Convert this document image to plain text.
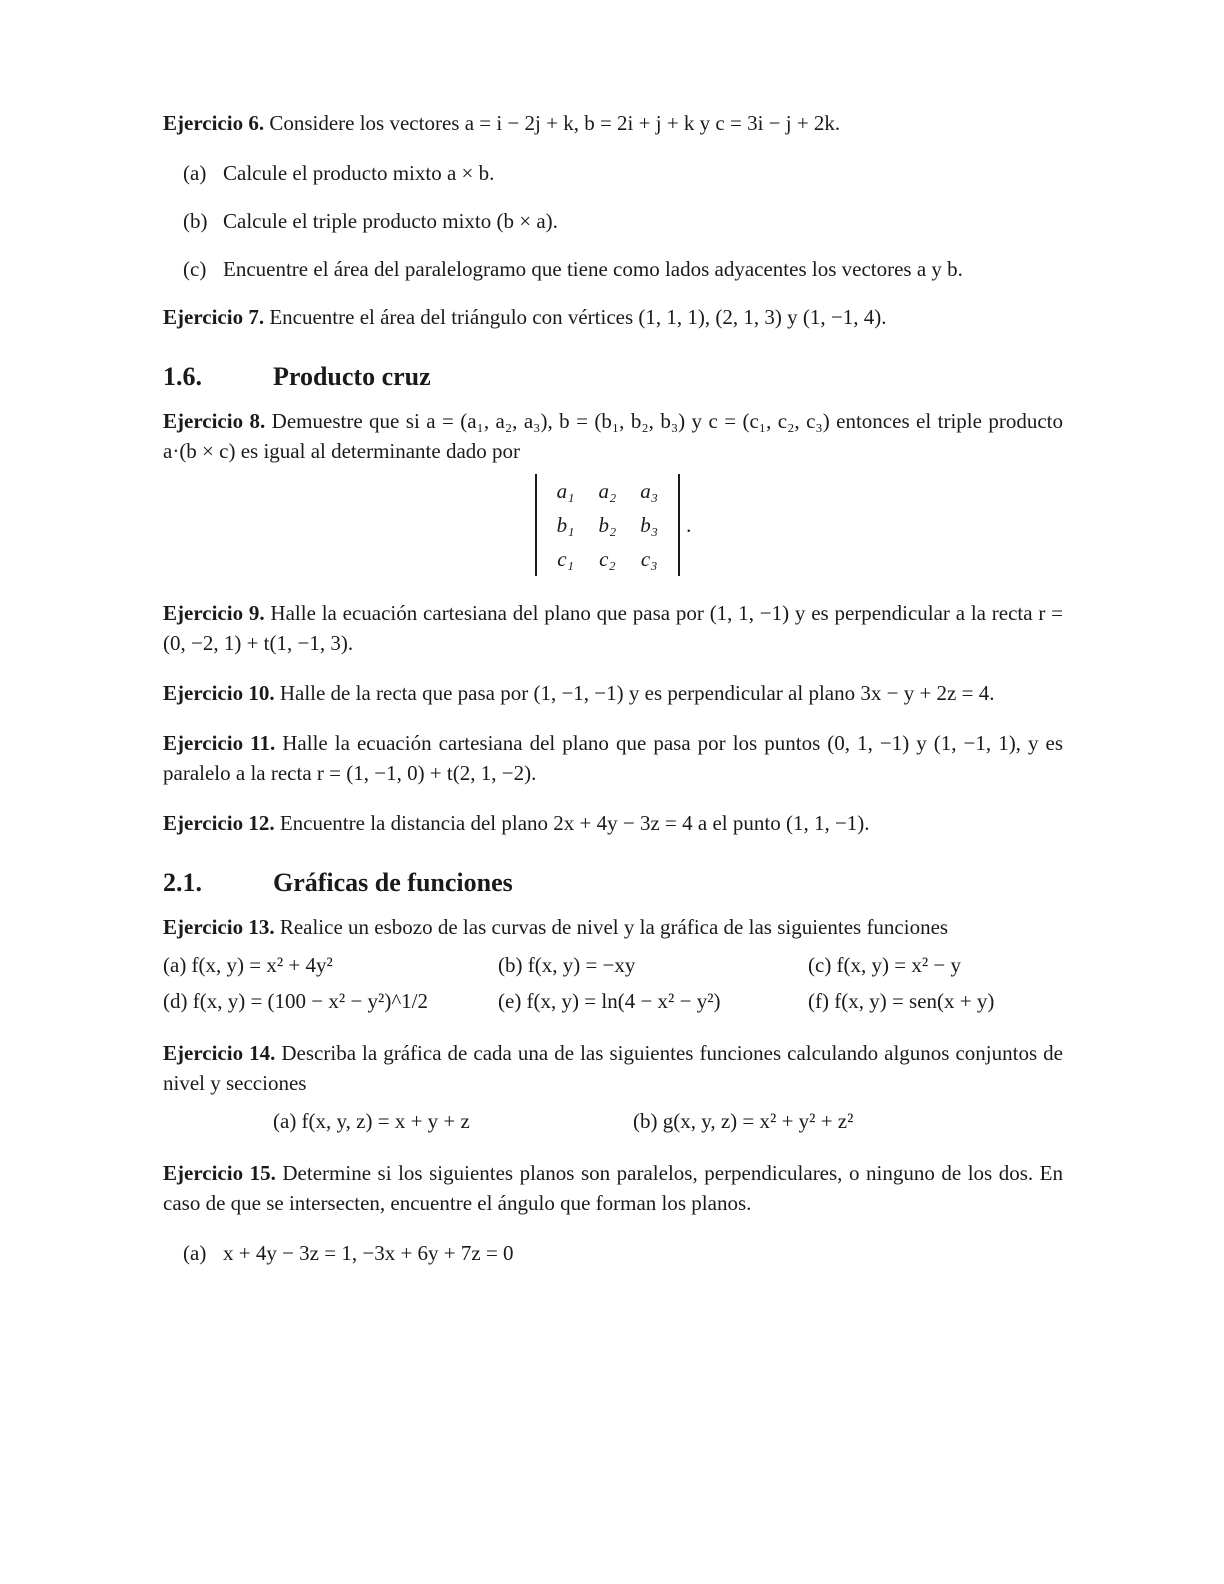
Ejercicio 6. Considere los vectores a = i − 2j + k, b = 2i + j + k y c = 3i − j + 2k.

(a) Calcule el producto mixto a × b.
(b) Calcule el triple producto mixto (b × a).
(c) Encuentre el área del paralelogramo que tiene como lados adyacentes los vectores a y b.

Ejercicio 7. Encuentre el área del triángulo con vértices (1, 1, 1), (2, 1, 3) y (1, −1, 4).

1.6.	Producto cruz

Ejercicio 8. Demuestre que si a = (a₁, a₂, a₃), b = (b₁, b₂, b₃) y c = (c₁, c₂, c₃) entonces el triple producto a·(b × c) es igual al determinante dado por

a₁	a₂	a₃
b₁	b₂	b₃
c₁	c₂	c₃
.

Ejercicio 9. Halle la ecuación cartesiana del plano que pasa por (1, 1, −1) y es perpendicular a la recta r = (0, −2, 1) + t(1, −1, 3).

Ejercicio 10. Halle de la recta que pasa por (1, −1, −1) y es perpendicular al plano 3x − y + 2z = 4.

Ejercicio 11. Halle la ecuación cartesiana del plano que pasa por los puntos (0, 1, −1) y (1, −1, 1), y es paralelo a la recta r = (1, −1, 0) + t(2, 1, −2).

Ejercicio 12. Encuentre la distancia del plano 2x + 4y − 3z = 4 a el punto (1, 1, −1).

2.1.	Gráficas de funciones

Ejercicio 13. Realice un esbozo de las curvas de nivel y la gráfica de las siguientes funciones

(a) f(x, y) = x² + 4y²	(b) f(x, y) = −xy	(c) f(x, y) = x² − y
(d) f(x, y) = (100 − x² − y²)^1/2	(e) f(x, y) = ln(4 − x² − y²)	(f) f(x, y) = sen(x + y)

Ejercicio 14. Describa la gráfica de cada una de las siguientes funciones calculando algunos conjuntos de nivel y secciones

(a) f(x, y, z) = x + y + z	(b) g(x, y, z) = x² + y² + z²

Ejercicio 15. Determine si los siguientes planos son paralelos, perpendiculares, o ninguno de los dos. En caso de que se intersecten, encuentre el ángulo que forman los planos.

(a) x + 4y − 3z = 1, −3x + 6y + 7z = 0
